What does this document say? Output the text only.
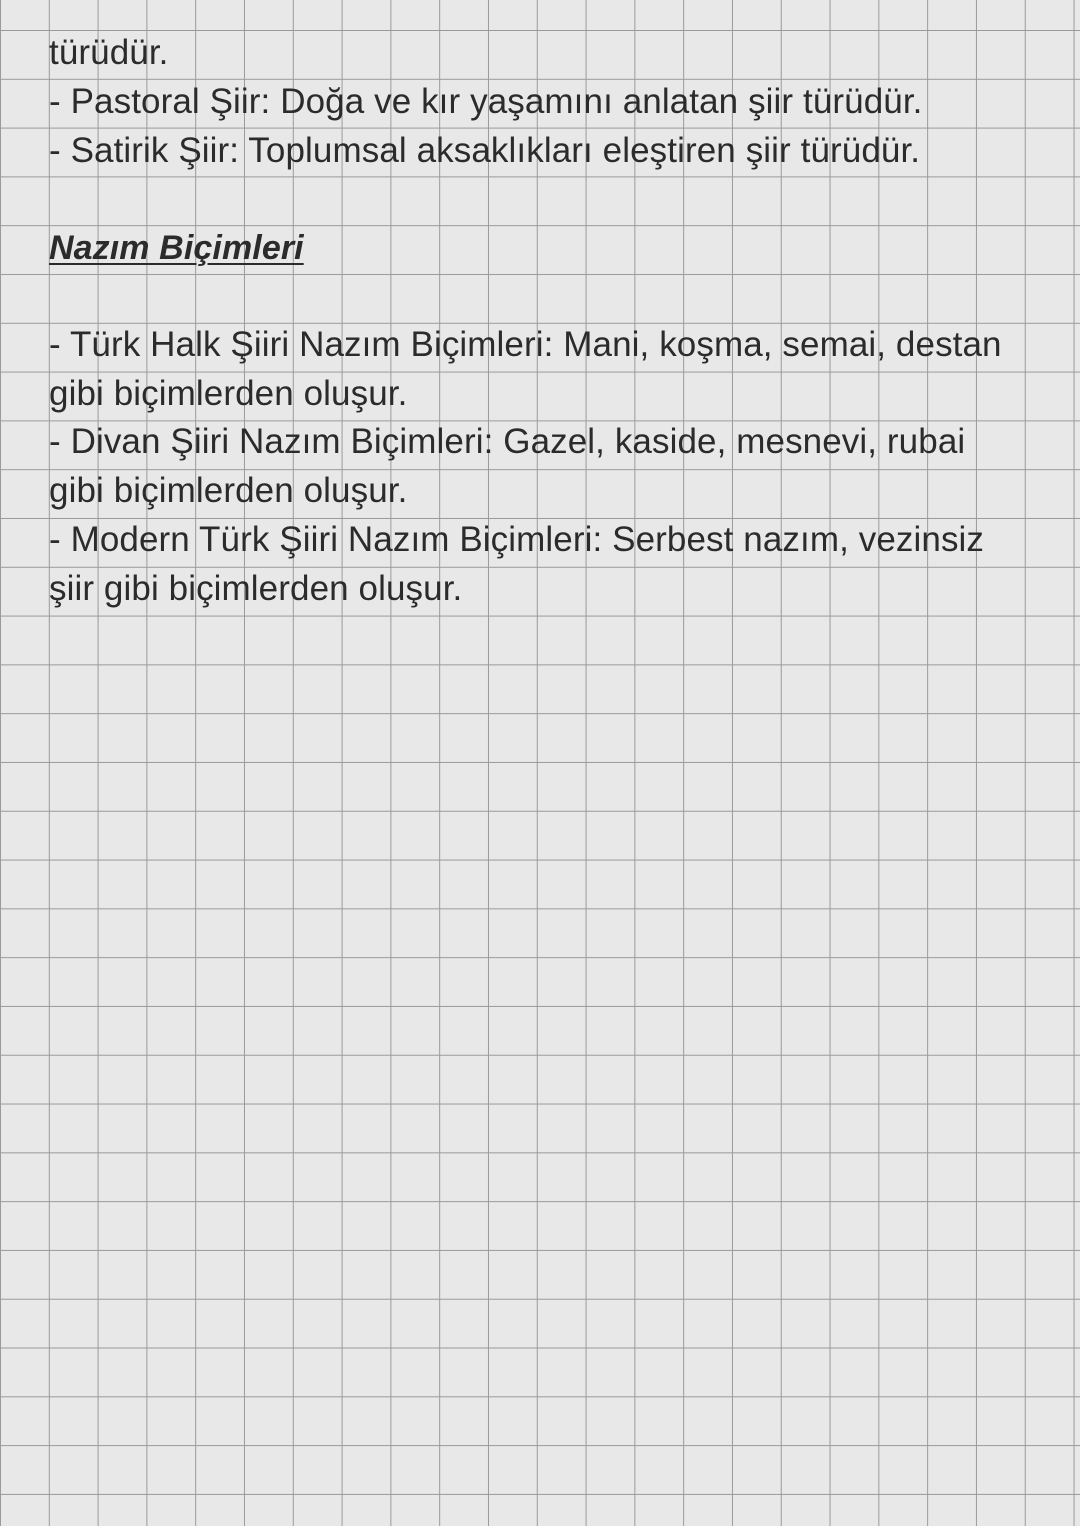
türüdür.
- Pastoral Şiir: Doğa ve kır yaşamını anlatan şiir türüdür.
- Satirik Şiir: Toplumsal aksaklıkları eleştiren şiir türüdür.
Nazım Biçimleri
- Türk Halk Şiiri Nazım Biçimleri: Mani, koşma, semai, destan
gibi biçimlerden oluşur.
- Divan Şiiri Nazım Biçimleri: Gazel, kaside, mesnevi, rubai
gibi biçimlerden oluşur.
- Modern Türk Şiiri Nazım Biçimleri: Serbest nazım, vezinsiz
şiir gibi biçimlerden oluşur.
